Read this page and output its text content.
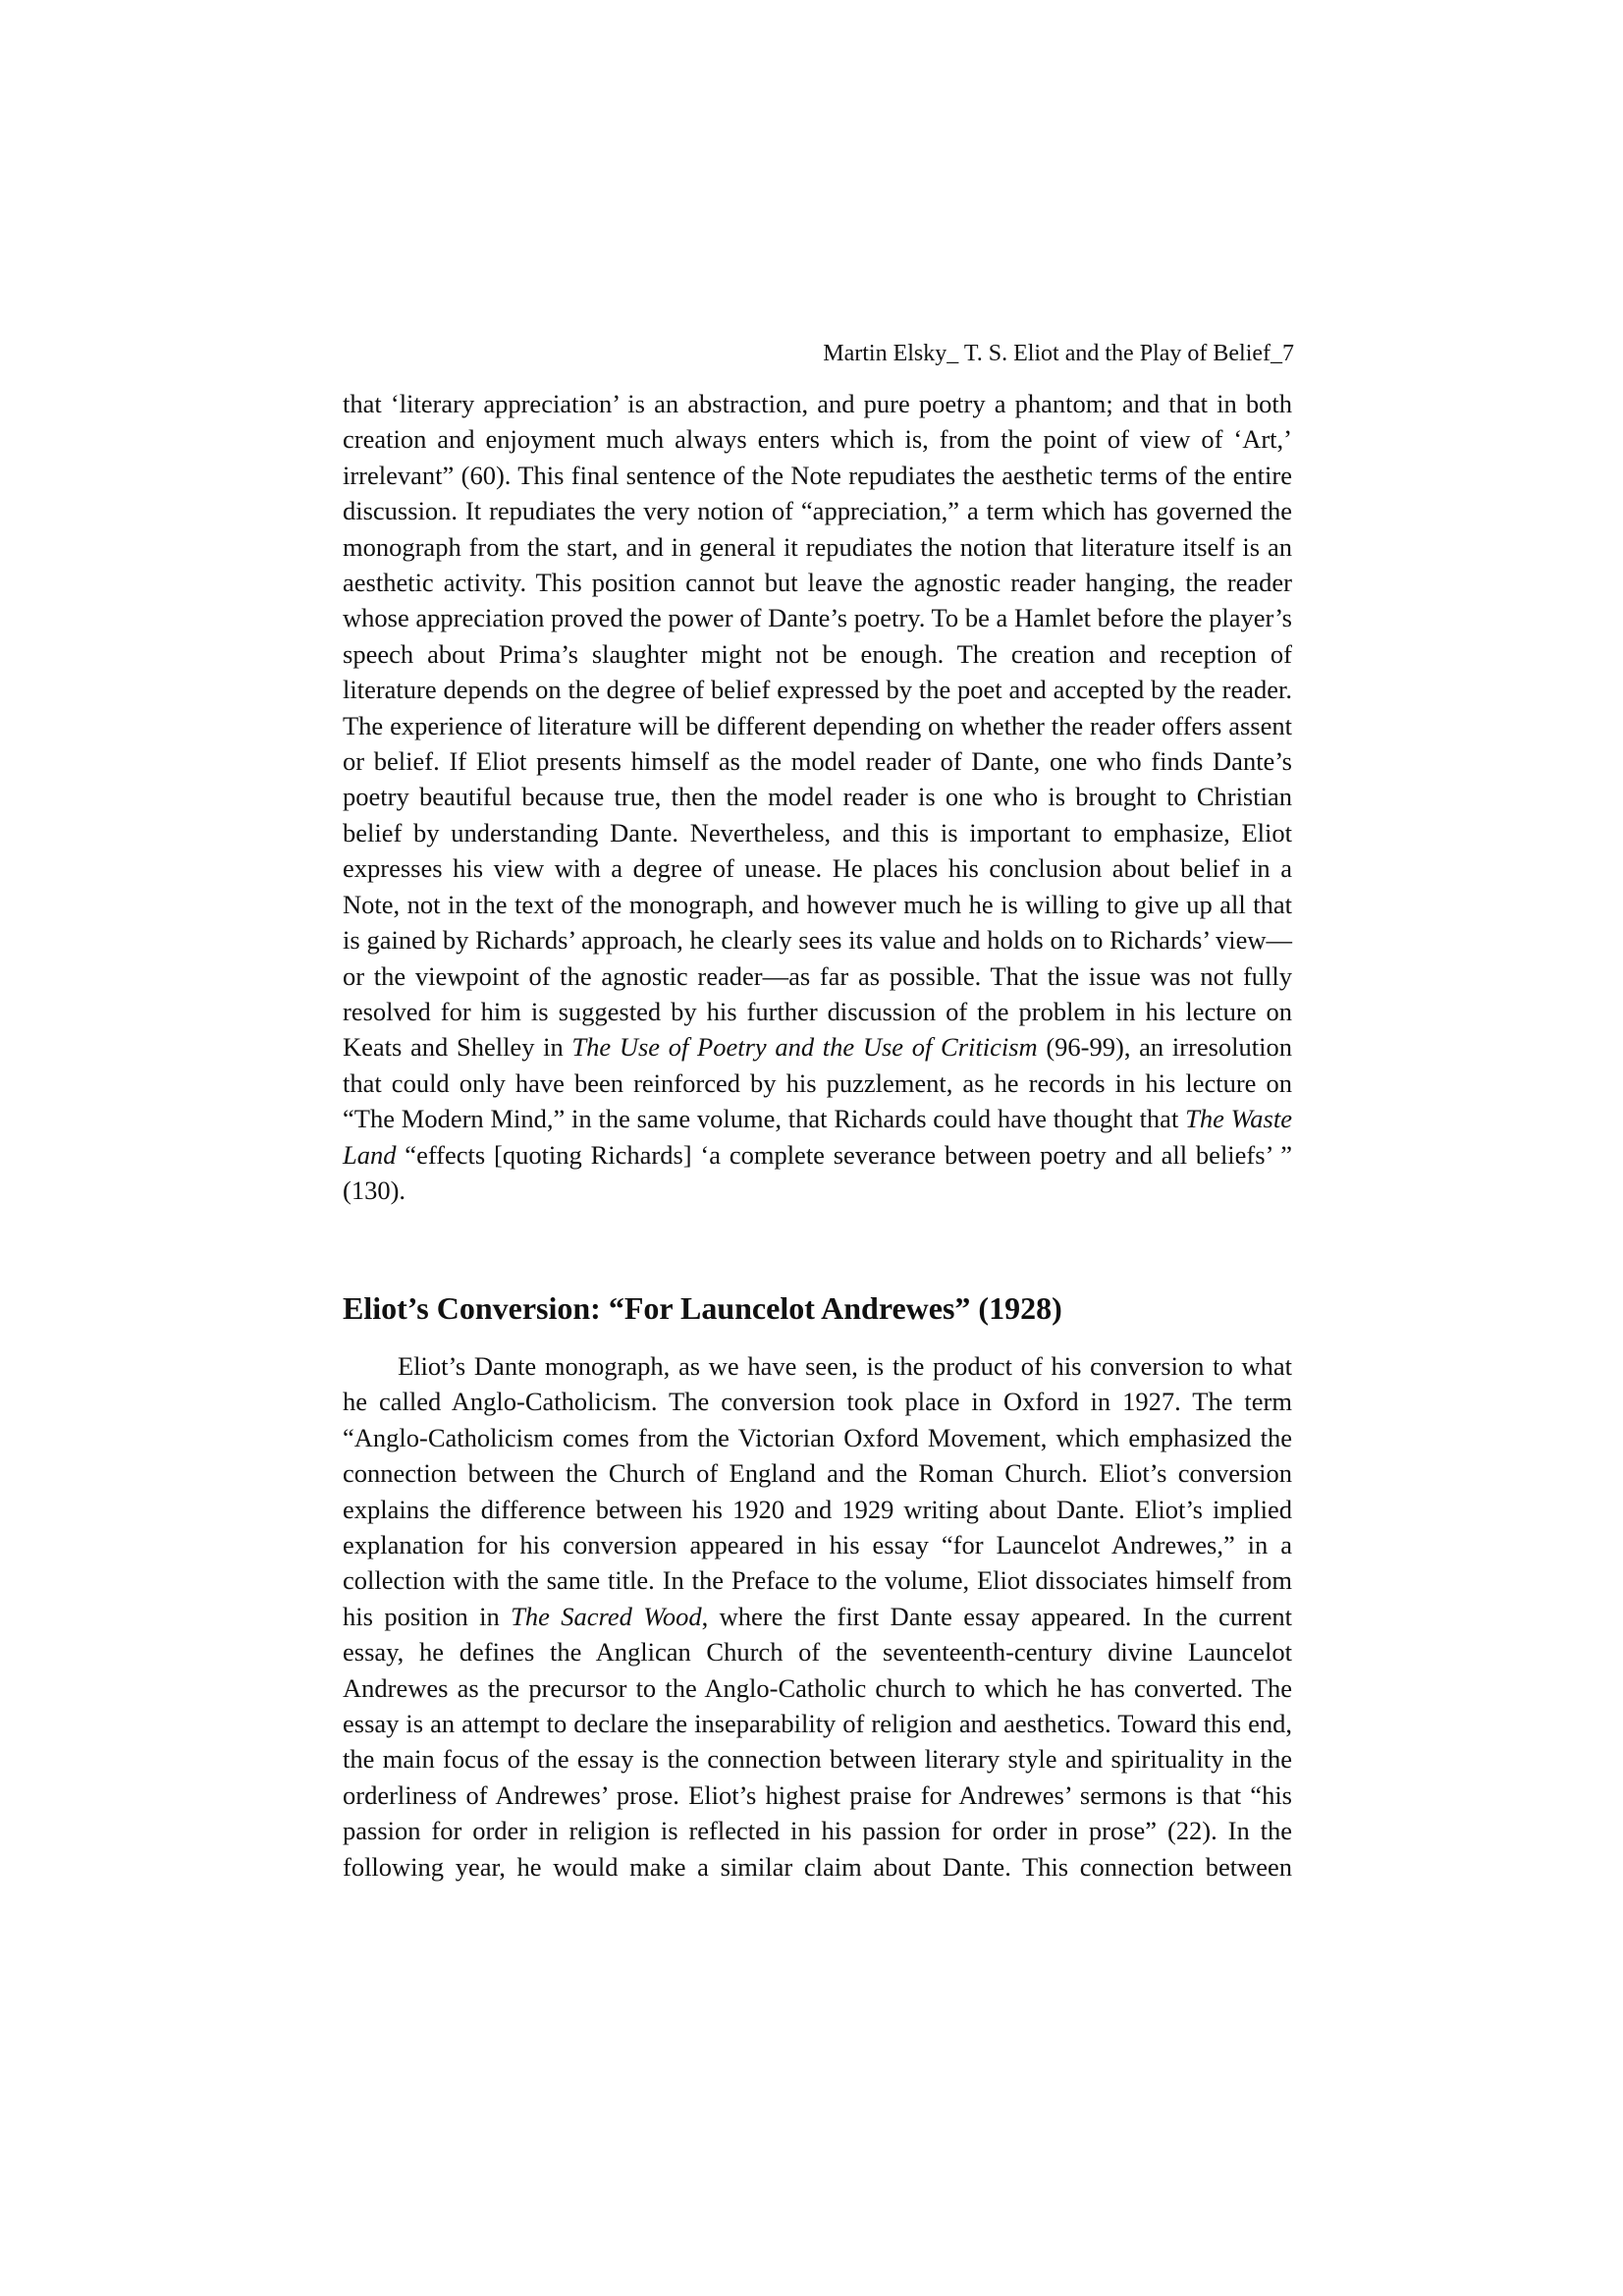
Martin Elsky_ T. S. Eliot and the Play of Belief_7

that ‘literary appreciation’ is an abstraction, and pure poetry a phantom; and that in both creation and enjoyment much always enters which is, from the point of view of ‘Art,’ irrelevant” (60). This final sentence of the Note repudiates the aesthetic terms of the entire discussion. It repudiates the very notion of “appreciation,” a term which has governed the monograph from the start, and in general it repudiates the notion that literature itself is an aesthetic activity. This position cannot but leave the agnostic reader hanging, the reader whose appreciation proved the power of Dante’s poetry. To be a Hamlet before the player’s speech about Prima’s slaughter might not be enough. The creation and reception of literature depends on the degree of belief expressed by the poet and accepted by the reader. The experience of literature will be different depending on whether the reader offers assent or belief. If Eliot presents himself as the model reader of Dante, one who finds Dante’s poetry beautiful because true, then the model reader is one who is brought to Christian belief by understanding Dante. Nevertheless, and this is important to emphasize, Eliot expresses his view with a degree of unease. He places his conclusion about belief in a Note, not in the text of the monograph, and however much he is willing to give up all that is gained by Richards’ approach, he clearly sees its value and holds on to Richards’ view—or the viewpoint of the agnostic reader—as far as possible. That the issue was not fully resolved for him is suggested by his further discussion of the problem in his lecture on Keats and Shelley in The Use of Poetry and the Use of Criticism (96-99), an irresolution that could only have been reinforced by his puzzlement, as he records in his lecture on “The Modern Mind,” in the same volume, that Richards could have thought that The Waste Land “effects [quoting Richards] ‘a complete severance between poetry and all beliefs’ ” (130).

Eliot’s Conversion: “For Launcelot Andrewes” (1928)

Eliot’s Dante monograph, as we have seen, is the product of his conversion to what he called Anglo-Catholicism. The conversion took place in Oxford in 1927. The term “Anglo-Catholicism comes from the Victorian Oxford Movement, which emphasized the connection between the Church of England and the Roman Church. Eliot’s conversion explains the difference between his 1920 and 1929 writing about Dante. Eliot’s implied explanation for his conversion appeared in his essay “for Launcelot Andrewes,” in a collection with the same title. In the Preface to the volume, Eliot dissociates himself from his position in The Sacred Wood, where the first Dante essay appeared. In the current essay, he defines the Anglican Church of the seventeenth-century divine Launcelot Andrewes as the precursor to the Anglo-Catholic church to which he has converted. The essay is an attempt to declare the inseparability of religion and aesthetics. Toward this end, the main focus of the essay is the connection between literary style and spirituality in the orderliness of Andrewes’ prose. Eliot’s highest praise for Andrewes’ sermons is that “his passion for order in religion is reflected in his passion for order in prose” (22). In the following year, he would make a similar claim about Dante. This connection between
